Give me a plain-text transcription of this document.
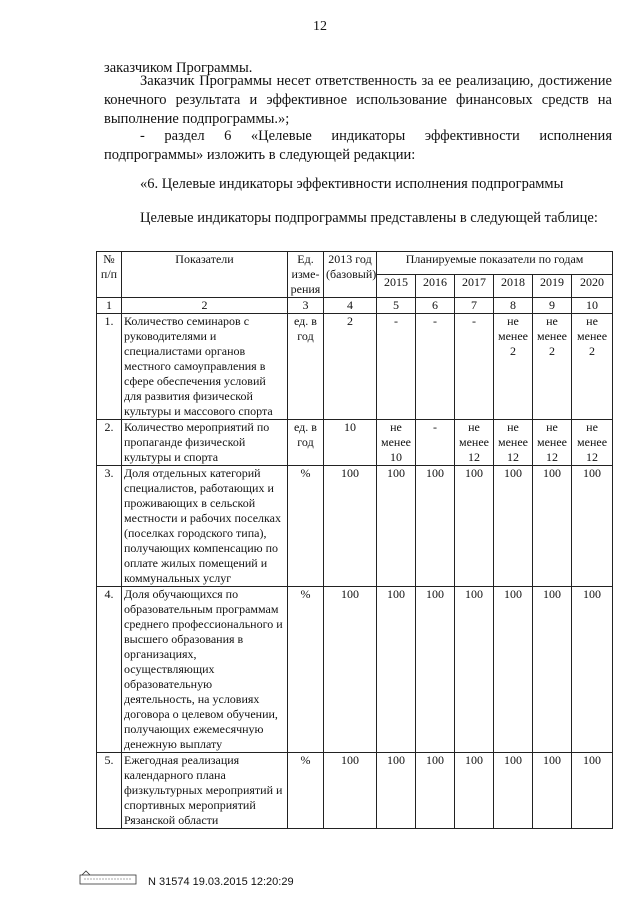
12

заказчиком Программы.

Заказчик Программы несет ответственность за ее реализацию, достижение конечного результата и эффективное использование финансовых средств на выполнение подпрограммы.»;

- раздел 6 «Целевые индикаторы эффективности исполнения подпрограммы» изложить в следующей редакции:

«6. Целевые индикаторы эффективности исполнения подпрограммы

Целевые индикаторы подпрограммы представлены в следующей таблице:

№ п/п	Показатели	Ед. изме-рения	2013 год (базовый)	Планируемые показатели по годам					
				2015	2016	2017	2018	2019	2020
1	2	3	4	5	6	7	8	9	10
1.	Количество семинаров с руководителями и специалистами органов местного самоуправления в сфере обеспечения условий для развития физической культуры и массового спорта	ед. в год	2	-	-	-	не менее 2	не менее 2	не менее 2
2.	Количество мероприятий по пропаганде физической культуры и спорта	ед. в год	10	не менее 10	-	не менее 12	не менее 12	не менее 12	не менее 12
3.	Доля отдельных категорий специалистов, работающих и проживающих в сельской местности и рабочих поселках (поселках городского типа), получающих компенсацию по оплате жилых помещений и коммунальных услуг	%	100	100	100	100	100	100	100
4.	Доля обучающихся по образовательным программам среднего профессионального и высшего образования в организациях, осуществляющих образовательную деятельность, на условиях договора о целевом обучении, получающих ежемесячную денежную выплату	%	100	100	100	100	100	100	100
5.	Ежегодная реализация календарного плана физкультурных мероприятий и спортивных мероприятий Рязанской области	%	100	100	100	100	100	100	100
N 31574 19.03.2015 12:20:29
